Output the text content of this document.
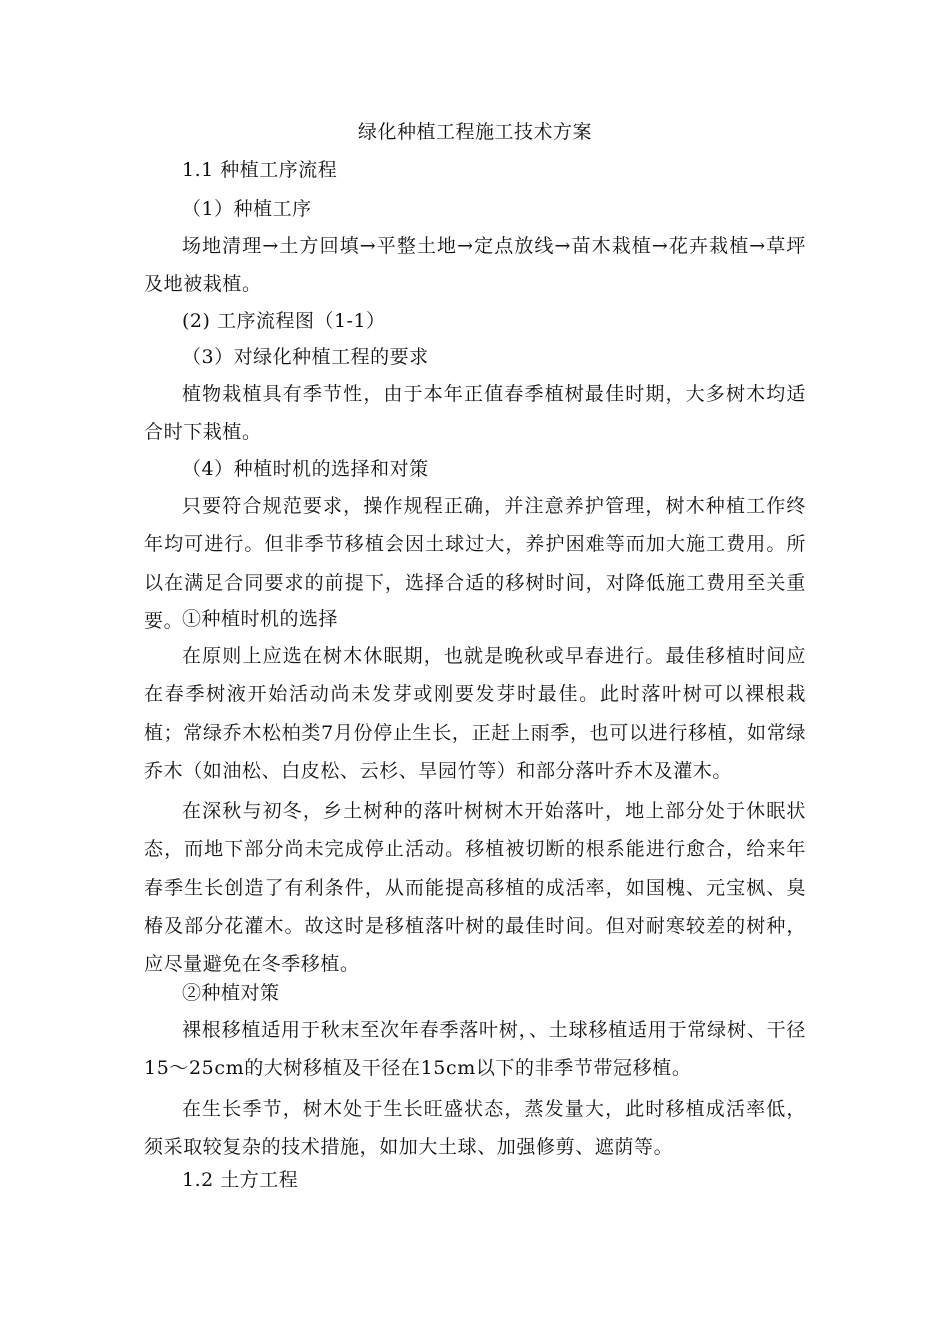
绿化种植工程施工技术方案
1.1 种植工序流程
（1）种植工序

场地清理→土方回填→平整土地→定点放线→苗木栽植→花卉栽植→草坪及地被栽植。

(2) 工序流程图（1-1）
（3）对绿化种植工程的要求

植物栽植具有季节性，由于本年正值春季植树最佳时期，大多树木均适合时下栽植。

（4）种植时机的选择和对策

只要符合规范要求，操作规程正确，并注意养护管理，树木种植工作终年均可进行。但非季节移植会因土球过大，养护困难等而加大施工费用。所以在满足合同要求的前提下，选择合适的移树时间，对降低施工费用至关重要。

①种植时机的选择

在原则上应选在树木休眠期，也就是晚秋或早春进行。最佳移植时间应在春季树液开始活动尚未发芽或刚要发芽时最佳。此时落叶树可以裸根栽植；常绿乔木松柏类7月份停止生长，正赶上雨季，也可以进行移植，如常绿乔木（如油松、白皮松、云杉、旱园竹等）和部分落叶乔木及灌木。

在深秋与初冬，乡土树种的落叶树树木开始落叶，地上部分处于休眠状态，而地下部分尚未完成停止活动。移植被切断的根系能进行愈合，给来年春季生长创造了有利条件，从而能提高移植的成活率，如国槐、元宝枫、臭椿及部分花灌木。故这时是移植落叶树的最佳时间。但对耐寒较差的树种，应尽量避免在冬季移植。

②种植对策

裸根移植适用于秋末至次年春季落叶树，、土球移植适用于常绿树、干径15～25cm的大树移植及干径在15cm以下的非季节带冠移植。

在生长季节，树木处于生长旺盛状态，蒸发量大，此时移植成活率低，须采取较复杂的技术措施，如加大土球、加强修剪、遮荫等。

1.2 土方工程
